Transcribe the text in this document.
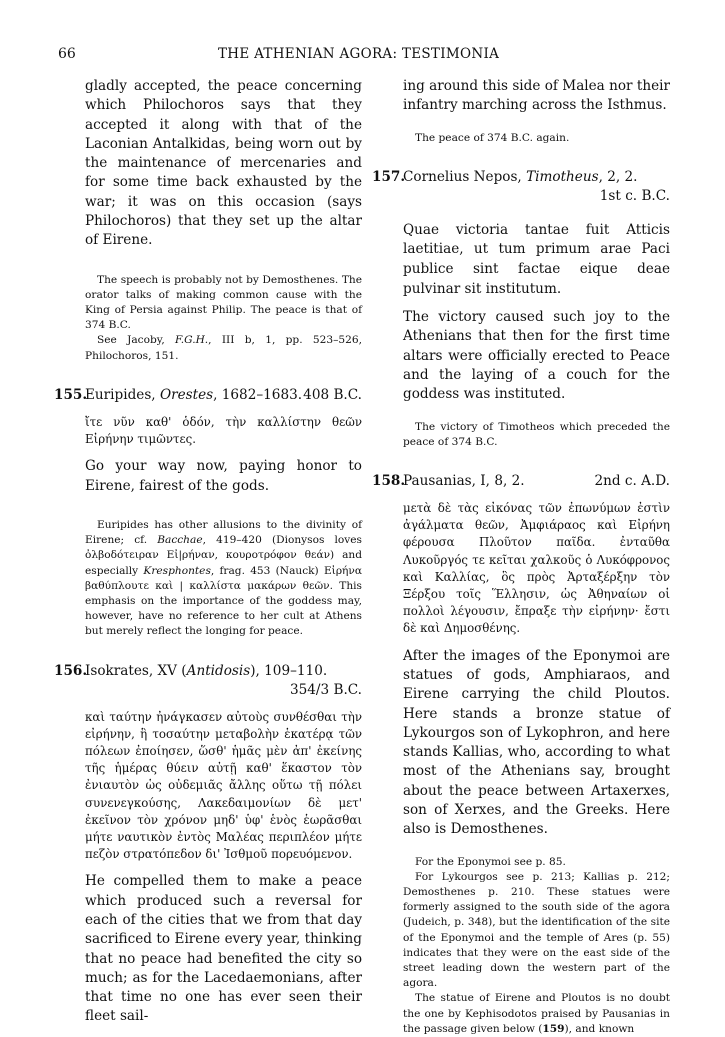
66	THE ATHENIAN AGORA: TESTIMONIA

gladly accepted, the peace concerning which Philochoros says that they accepted it along with that of the Laconian Antalkidas, being worn out by the maintenance of mercenaries and for some time back exhausted by the war; it was on this occasion (says Philochoros) that they set up the altar of Eirene.

The speech is probably not by Demosthenes. The orator talks of making common cause with the King of Persia against Philip. The peace is that of 374 B.C.

See Jacoby, F.G.H., III b, 1, pp. 523–526, Philochoros, 151.

155.
Euripides, Orestes, 1682–1683. 408 B.C.

ἴτε νῦν καθ' ὁδόν, τὴν καλλίστην θεῶν Εἰρήνην τιμῶντες.

Go your way now, paying honor to Eirene, fairest of the gods.

Euripides has other allusions to the divinity of Eirene; cf. Bacchae, 419–420 (Dionysos loves ὀλβοδότειραν Εἰ|ρήναν, κουροτρόφον θεάν) and especially Kresphontes, frag. 453 (Nauck) Εἰρήνα βαθύπλουτε καὶ | καλλίστα μακάρων θεῶν. This emphasis on the importance of the goddess may, however, have no reference to her cult at Athens but merely reflect the longing for peace.

156.
Isokrates, XV (Antidosis), 109–110.

354/3 B.C.

καὶ ταύτην ἠνάγκασεν αὐτοὺς συνθέσθαι τὴν εἰρήνην, ἣ τοσαύτην μεταβολὴν ἑκατέρᾳ τῶν πόλεων ἐποίησεν, ὥσθ' ἡμᾶς μὲν ἀπ' ἐκείνης τῆς ἡμέρας θύειν αὐτῇ καθ' ἕκαστον τὸν ἐνιαυτὸν ὡς οὐδεμιᾶς ἄλλης οὕτω τῇ πόλει συνενεγκούσης, Λακεδαιμονίων δὲ μετ' ἐκεῖνον τὸν χρόνον μηδ' ὑφ' ἑνὸς ἑωρᾶσθαι μήτε ναυτικὸν ἐντὸς Μαλέας περιπλέον μήτε πεζὸν στρατόπεδον δι' Ἰσθμοῦ πορευόμενον.

He compelled them to make a peace which produced such a reversal for each of the cities that we from that day sacrificed to Eirene every year, thinking that no peace had benefited the city so much; as for the Lacedaemonians, after that time no one has ever seen their fleet sail-

ing around this side of Malea nor their infantry marching across the Isthmus.

The peace of 374 B.C. again.

157.
Cornelius Nepos, Timotheus, 2, 2.

1st c. B.C.

Quae victoria tantae fuit Atticis laetitiae, ut tum primum arae Paci publice sint factae eique deae pulvinar sit institutum.

The victory caused such joy to the Athenians that then for the first time altars were officially erected to Peace and the laying of a couch for the goddess was instituted.

The victory of Timotheos which preceded the peace of 374 B.C.

158.
Pausanias, I, 8, 2.	2nd c. A.D.

μετὰ δὲ τὰς εἰκόνας τῶν ἐπωνύμων ἐστὶν ἀγάλματα θεῶν, Ἀμφιάραος καὶ Εἰρήνη φέρουσα Πλοῦτον παῖδα. ἐνταῦθα Λυκοῦργός τε κεῖται χαλκοῦς ὁ Λυκόφρονος καὶ Καλλίας, ὃς πρὸς Ἀρταξέρξην τὸν Ξέρξου τοῖς Ἕλλησιν, ὡς Ἀθηναίων οἱ πολλοὶ λέγουσιν, ἔπραξε τὴν εἰρήνην· ἔστι δὲ καὶ Δημοσθένης.

After the images of the Eponymoi are statues of gods, Amphiaraos, and Eirene carrying the child Ploutos. Here stands a bronze statue of Lykourgos son of Lykophron, and here stands Kallias, who, according to what most of the Athenians say, brought about the peace between Artaxerxes, son of Xerxes, and the Greeks. Here also is Demosthenes.

For the Eponymoi see p. 85.

For Lykourgos see p. 213; Kallias p. 212; Demosthenes p. 210. These statues were formerly assigned to the south side of the agora (Judeich, p. 348), but the identification of the site of the Eponymoi and the temple of Ares (p. 55) indicates that they were on the east side of the street leading down the western part of the agora.

The statue of Eirene and Ploutos is no doubt the one by Kephisodotos praised by Pausanias in the passage given below (159), and known
